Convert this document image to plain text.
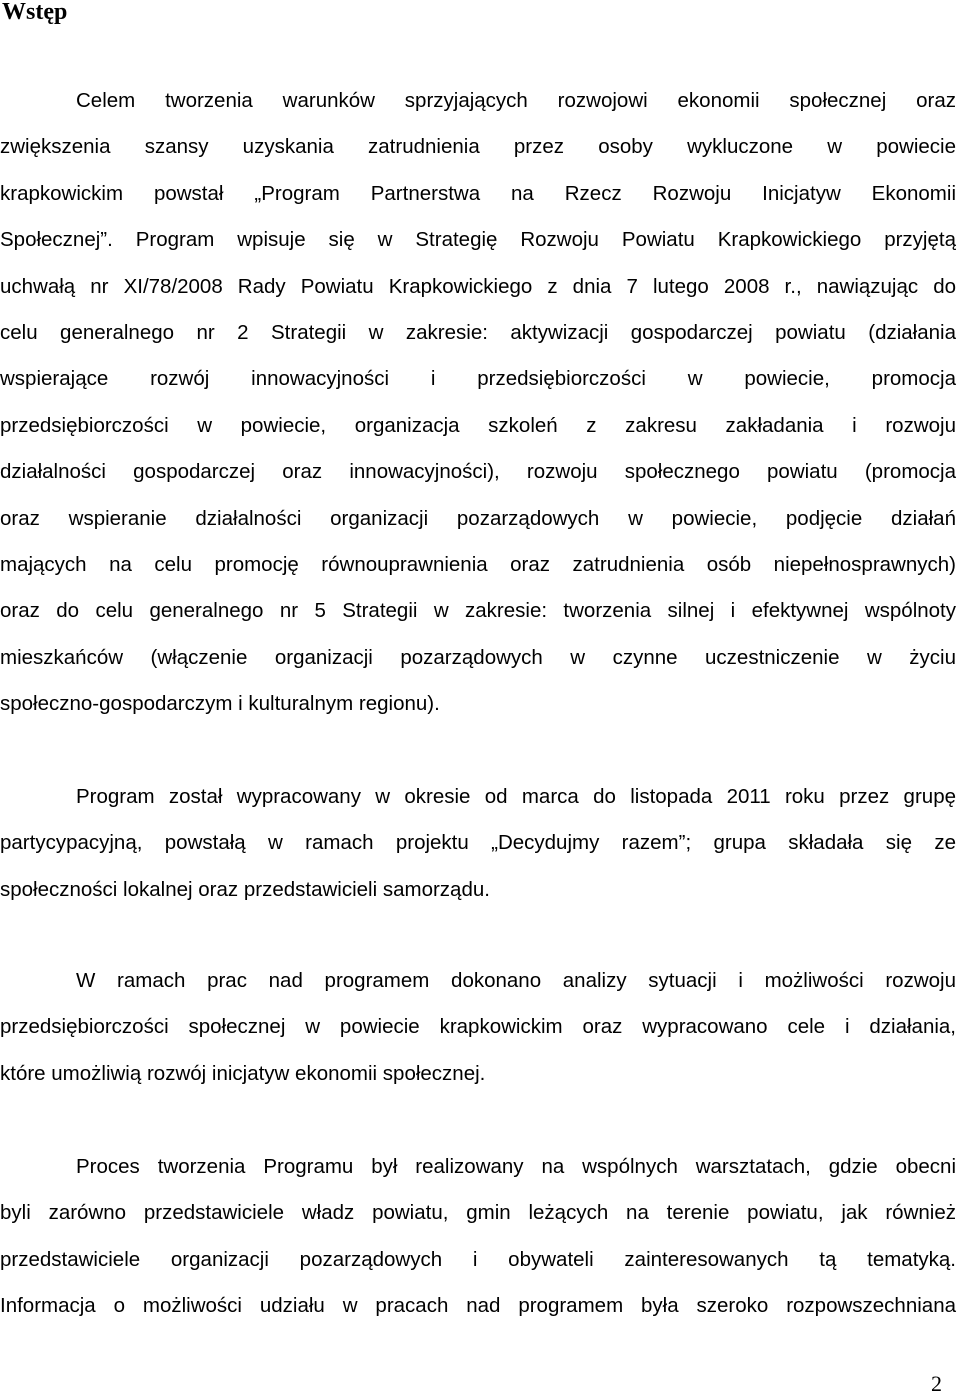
Wstęp
Celem tworzenia warunków sprzyjających rozwojowi ekonomii społecznej oraz
zwiększenia szansy uzyskania zatrudnienia przez osoby wykluczone w powiecie
krapkowickim powstał „Program Partnerstwa na Rzecz Rozwoju Inicjatyw Ekonomii
Społecznej”. Program wpisuje się w Strategię Rozwoju Powiatu Krapkowickiego przyjętą
uchwałą nr XI/78/2008 Rady Powiatu Krapkowickiego z dnia 7 lutego 2008 r., nawiązując do
celu generalnego nr 2 Strategii w zakresie: aktywizacji gospodarczej powiatu (działania
wspierające rozwój innowacyjności i przedsiębiorczości w powiecie, promocja
przedsiębiorczości w powiecie, organizacja szkoleń z zakresu zakładania i rozwoju
działalności gospodarczej oraz innowacyjności), rozwoju społecznego powiatu (promocja
oraz wspieranie działalności organizacji pozarządowych w powiecie, podjęcie działań
mających na celu promocję równouprawnienia oraz zatrudnienia osób niepełnosprawnych)
oraz do celu generalnego nr 5 Strategii w zakresie: tworzenia silnej i efektywnej wspólnoty
mieszkańców (włączenie organizacji pozarządowych w czynne uczestniczenie w życiu
społeczno-gospodarczym i kulturalnym regionu).
Program został wypracowany w okresie od marca do listopada 2011 roku przez grupę
partycypacyjną, powstałą w ramach projektu „Decydujmy razem”; grupa składała się ze
społeczności lokalnej oraz przedstawicieli samorządu.
W ramach prac nad programem dokonano analizy sytuacji i możliwości rozwoju
przedsiębiorczości społecznej w powiecie krapkowickim oraz wypracowano cele i działania,
które umożliwią rozwój inicjatyw ekonomii społecznej.
Proces tworzenia Programu był realizowany na wspólnych warsztatach, gdzie obecni
byli zarówno przedstawiciele władz powiatu, gmin leżących na terenie powiatu, jak również
przedstawiciele organizacji pozarządowych i obywateli zainteresowanych tą tematyką.
Informacja o możliwości udziału w pracach nad programem była szeroko rozpowszechniana
2
